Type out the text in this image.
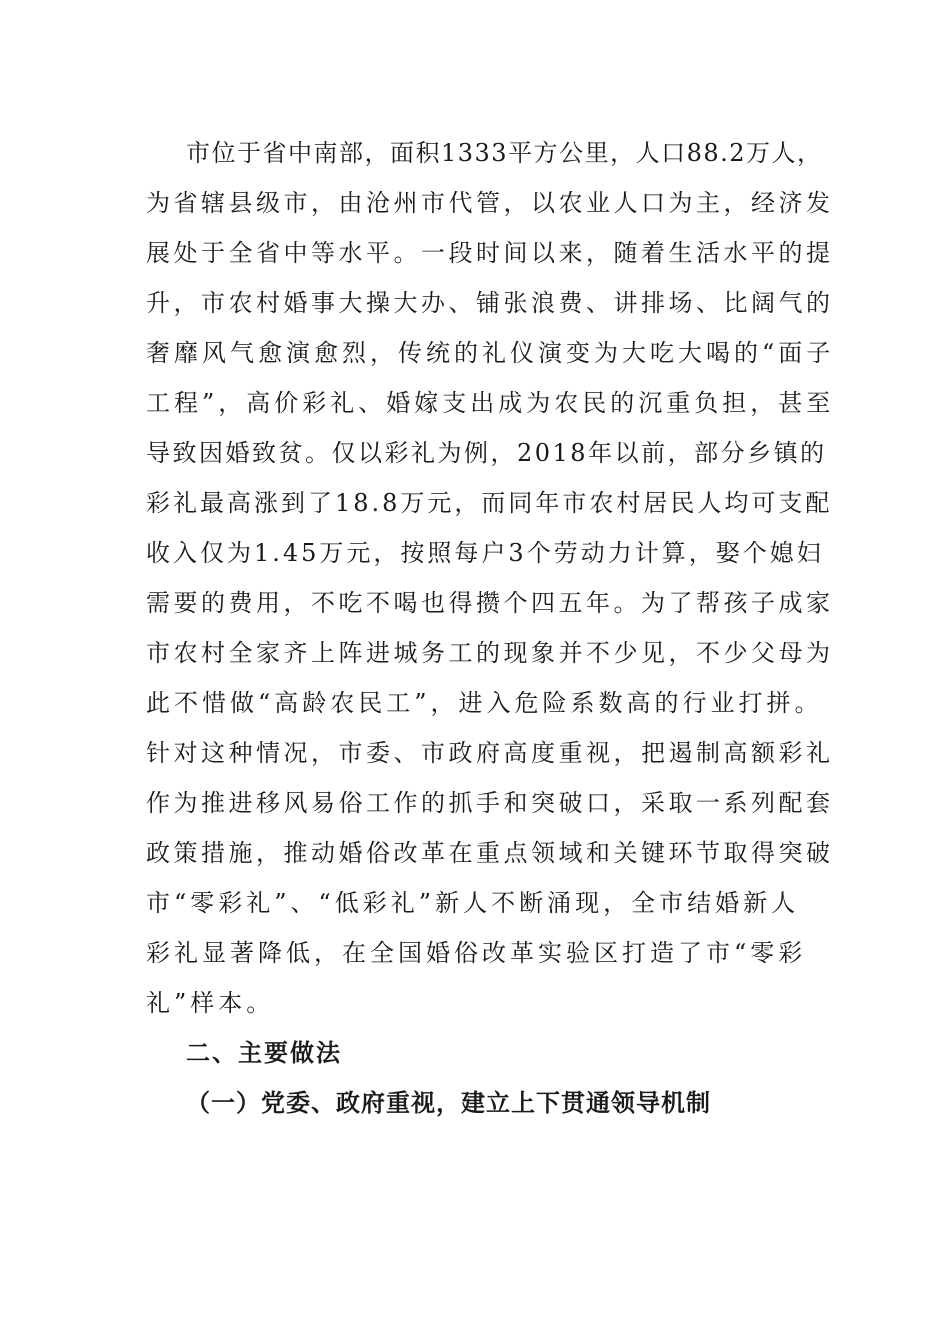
市位于省中南部，面积1333平方公里，人口88.2万人，
为省辖县级市，由沧州市代管，以农业人口为主，经济发
展处于全省中等水平。一段时间以来，随着生活水平的提
升，市农村婚事大操大办、铺张浪费、讲排场、比阔气的
奢靡风气愈演愈烈，传统的礼仪演变为大吃大喝的“面子
工程”，高价彩礼、婚嫁支出成为农民的沉重负担，甚至
导致因婚致贫。仅以彩礼为例，2018年以前，部分乡镇的
彩礼最高涨到了18.8万元，而同年市农村居民人均可支配
收入仅为1.45万元，按照每户3个劳动力计算，娶个媳妇
需要的费用，不吃不喝也得攒个四五年。为了帮孩子成家
市农村全家齐上阵进城务工的现象并不少见，不少父母为
此不惜做“高龄农民工”，进入危险系数高的行业打拼。
针对这种情况，市委、市政府高度重视，把遏制高额彩礼
作为推进移风易俗工作的抓手和突破口，采取一系列配套
政策措施，推动婚俗改革在重点领域和关键环节取得突破
市“零彩礼”、“低彩礼”新人不断涌现，全市结婚新人
彩礼显著降低，在全国婚俗改革实验区打造了市“零彩
礼”样本。
二、主要做法
（一）党委、政府重视，建立上下贯通领导机制
